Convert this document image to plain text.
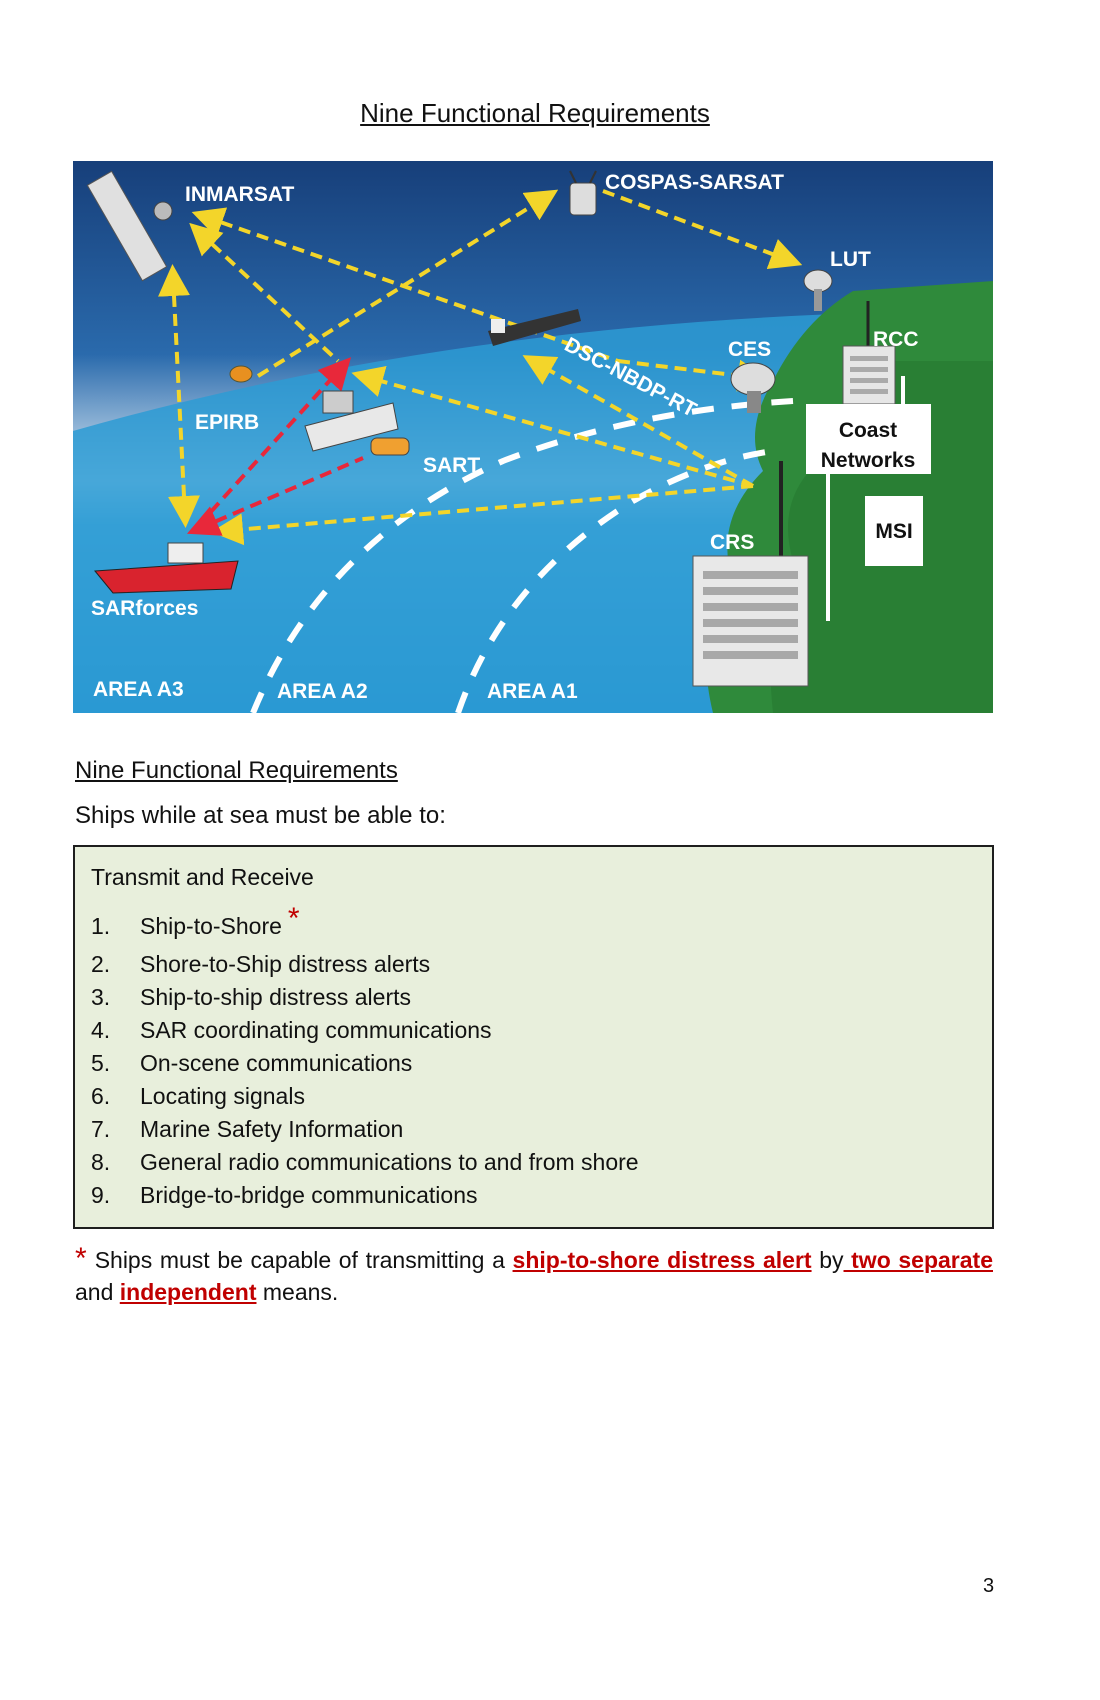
Nine Functional Requirements
INMARSAT
COSPAS-SARSAT
LUT
RCC
CES
DSC-NBDP-RT
EPIRB
SART
CRS
SARforces
AREA A3	AREA A2	AREA A1
Coast
Networks
MSI
Nine Functional Requirements
Ships while at sea must be able to:
Transmit and Receive
1. Ship-to-Shore *
2. Shore-to-Ship distress alerts
3. Ship-to-ship distress alerts
4. SAR coordinating communications
5. On-scene communications
6. Locating signals
7. Marine Safety Information
8. General radio communications to and from shore
9. Bridge-to-bridge communications
* Ships must be capable of transmitting a ship-to-shore distress alert by two separate and independent means.
3
